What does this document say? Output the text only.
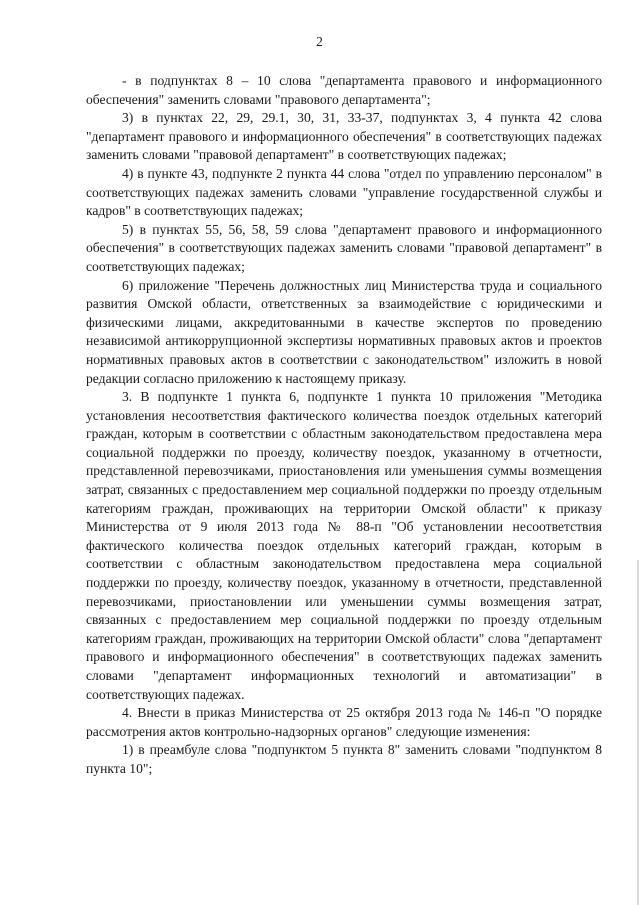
2

- в подпунктах 8 – 10 слова "департамента правового и информационного обеспечения" заменить словами "правового департамента";

3) в пунктах 22, 29, 29.1, 30, 31, 33-37, подпунктах 3, 4 пункта 42 слова "департамент правового и информационного обеспечения" в соответствующих падежах заменить словами "правовой департамент" в соответствующих падежах;

4) в пункте 43, подпункте 2 пункта 44 слова "отдел по управлению персоналом" в соответствующих падежах заменить словами "управление государственной службы и кадров" в соответствующих падежах;

5) в пунктах 55, 56, 58, 59 слова "департамент правового и информационного обеспечения" в соответствующих падежах заменить словами "правовой департамент" в соответствующих падежах;

6) приложение "Перечень должностных лиц Министерства труда и социального развития Омской области, ответственных за взаимодействие с юридическими и физическими лицами, аккредитованными в качестве экспертов по проведению независимой антикоррупционной экспертизы нормативных правовых актов и проектов нормативных правовых актов в соответствии с законодательством" изложить в новой редакции согласно приложению к настоящему приказу.

3. В подпункте 1 пункта 6, подпункте 1 пункта 10 приложения "Методика установления несоответствия фактического количества поездок отдельных категорий граждан, которым в соответствии с областным законодательством предоставлена мера социальной поддержки по проезду, количеству поездок, указанному в отчетности, представленной перевозчиками, приостановления или уменьшения суммы возмещения затрат, связанных с предоставлением мер социальной поддержки по проезду отдельным категориям граждан, проживающих на территории Омской области" к приказу Министерства от 9 июля 2013 года № 88-п "Об установлении несоответствия фактического количества поездок отдельных категорий граждан, которым в соответствии с областным законодательством предоставлена мера социальной поддержки по проезду, количеству поездок, указанному в отчетности, представленной перевозчиками, приостановлении или уменьшении суммы возмещения затрат, связанных с предоставлением мер социальной поддержки по проезду отдельным категориям граждан, проживающих на территории Омской области" слова "департамент правового и информационного обеспечения" в соответствующих падежах заменить словами "департамент информационных технологий и автоматизации" в соответствующих падежах.

4. Внести в приказ Министерства от 25 октября 2013 года № 146-п "О порядке рассмотрения актов контрольно-надзорных органов" следующие изменения:

1) в преамбуле слова "подпунктом 5 пункта 8" заменить словами "подпунктом 8 пункта 10";
